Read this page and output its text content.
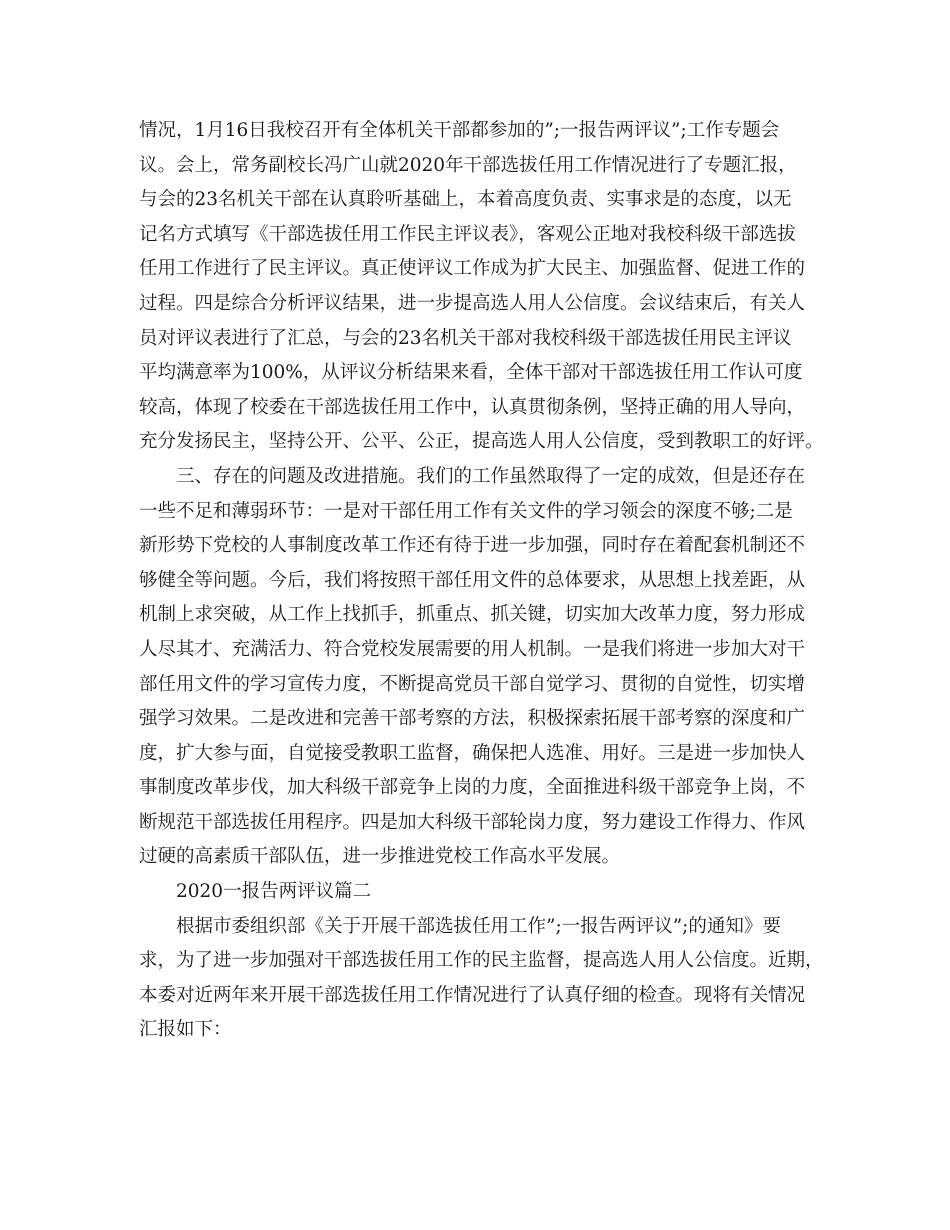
情况，1月16日我校召开有全体机关干部都参加的”;一报告两评议”;工作专题会
议。会上，常务副校长冯广山就2020年干部选拔任用工作情况进行了专题汇报，
与会的23名机关干部在认真聆听基础上，本着高度负责、实事求是的态度，以无
记名方式填写《干部选拔任用工作民主评议表》，客观公正地对我校科级干部选拔
任用工作进行了民主评议。真正使评议工作成为扩大民主、加强监督、促进工作的
过程。四是综合分析评议结果，进一步提高选人用人公信度。会议结束后，有关人
员对评议表进行了汇总，与会的23名机关干部对我校科级干部选拔任用民主评议
平均满意率为100%，从评议分析结果来看，全体干部对干部选拔任用工作认可度
较高，体现了校委在干部选拔任用工作中，认真贯彻条例，坚持正确的用人导向，
充分发扬民主，坚持公开、公平、公正，提高选人用人公信度，受到教职工的好评。
三、存在的问题及改进措施。我们的工作虽然取得了一定的成效，但是还存在
一些不足和薄弱环节：一是对干部任用工作有关文件的学习领会的深度不够;二是
新形势下党校的人事制度改革工作还有待于进一步加强，同时存在着配套机制还不
够健全等问题。今后，我们将按照干部任用文件的总体要求，从思想上找差距，从
机制上求突破，从工作上找抓手，抓重点、抓关键，切实加大改革力度，努力形成
人尽其才、充满活力、符合党校发展需要的用人机制。一是我们将进一步加大对干
部任用文件的学习宣传力度，不断提高党员干部自觉学习、贯彻的自觉性，切实增
强学习效果。二是改进和完善干部考察的方法，积极探索拓展干部考察的深度和广
度，扩大参与面，自觉接受教职工监督，确保把人选准、用好。三是进一步加快人
事制度改革步伐，加大科级干部竞争上岗的力度，全面推进科级干部竞争上岗，不
断规范干部选拔任用程序。四是加大科级干部轮岗力度，努力建设工作得力、作风
过硬的高素质干部队伍，进一步推进党校工作高水平发展。
2020一报告两评议篇二
根据市委组织部《关于开展干部选拔任用工作”;一报告两评议”;的通知》要
求，为了进一步加强对干部选拔任用工作的民主监督，提高选人用人公信度。近期，
本委对近两年来开展干部选拔任用工作情况进行了认真仔细的检查。现将有关情况
汇报如下：
